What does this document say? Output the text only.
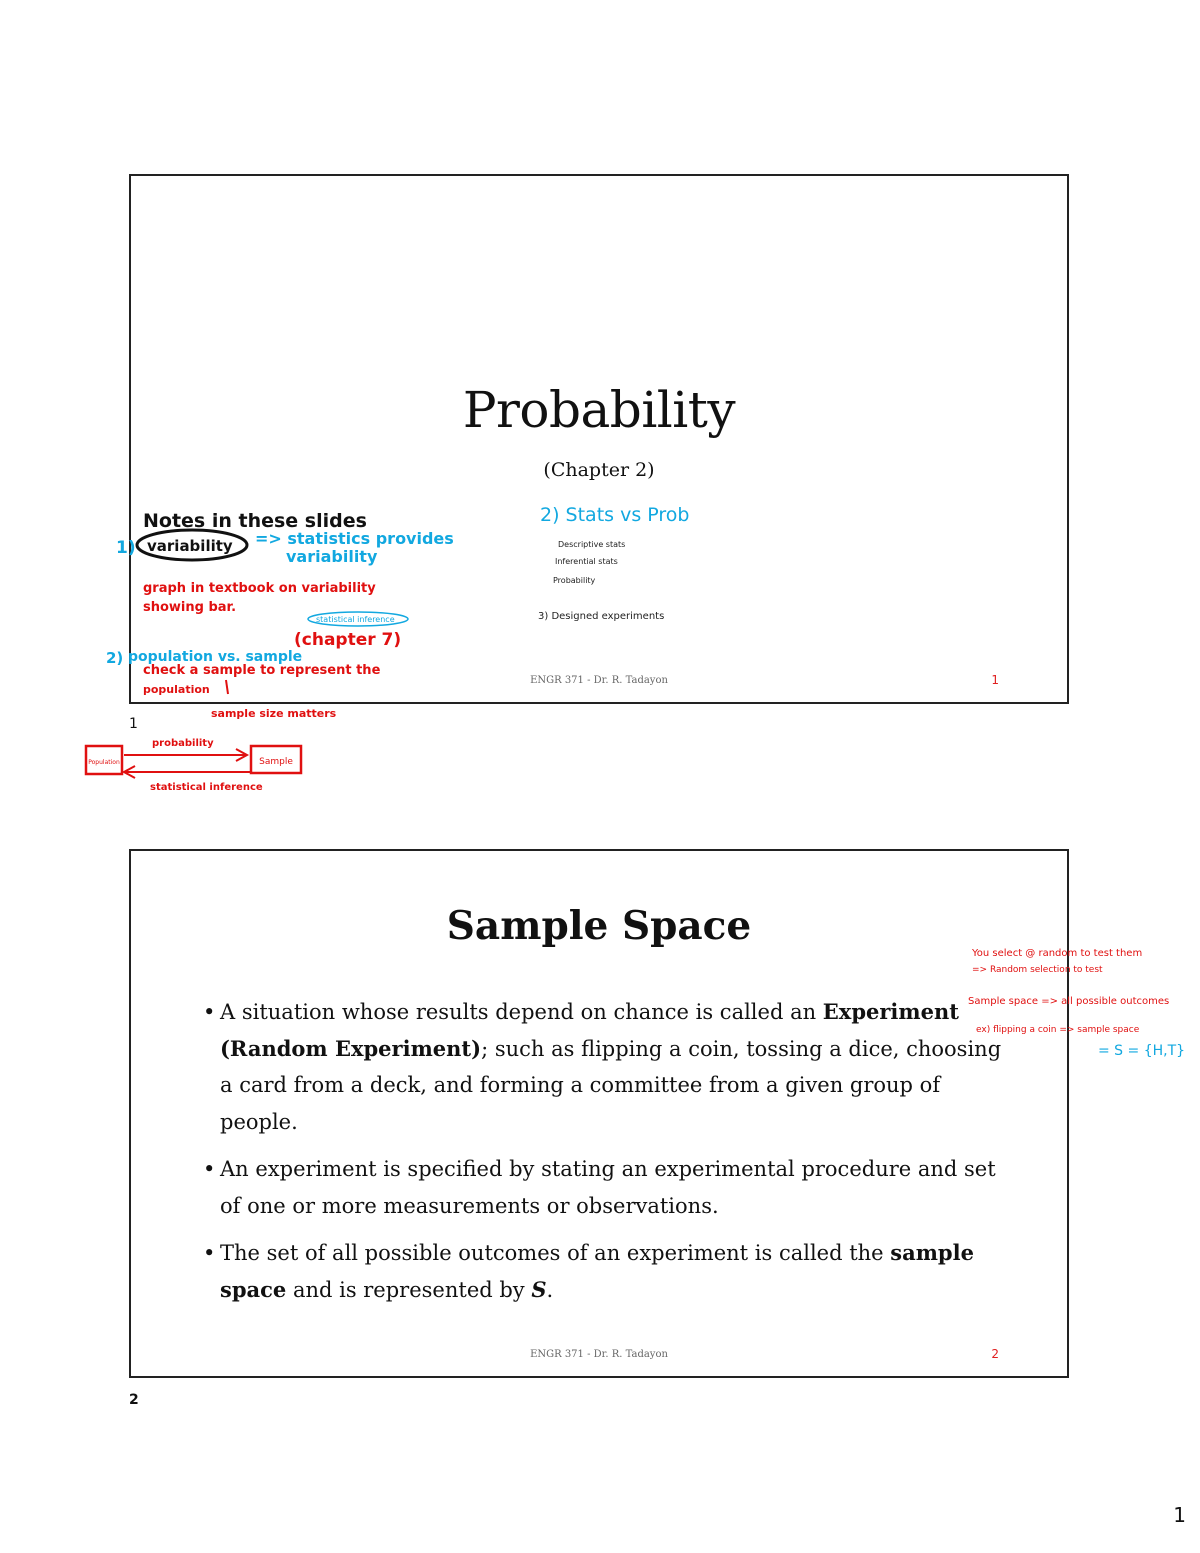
Probability
(Chapter 2)
ENGR 371 - Dr. R. Tadayon	1
1
Sample Space
• A situation whose results depend on chance is called an Experiment (Random Experiment); such as flipping a coin, tossing a dice, choosing a card from a deck, and forming a committee from a given group of people.
• An experiment is specified by stating an experimental procedure and set of one or more measurements or observations.
• The set of all possible outcomes of an experiment is called the sample space and is represented by S.
ENGR 371 - Dr. R. Tadayon	2
2
1
Notes in these slides
1) variability => statistics provides
variability
graph in textbook on variability
showing bar.
statistical inference
2) population vs. sample
(chapter 7)
check a sample to represent the
population
sample size matters
Population	Sample
probability
statistical inference
2) Stats vs Prob
Descriptive stats
Inferential stats
Probability
3) Designed experiments
You select @ random to test them
=> Random selection to test
Sample space => all possible outcomes
ex) flipping a coin => sample space
= S = {H,T}
